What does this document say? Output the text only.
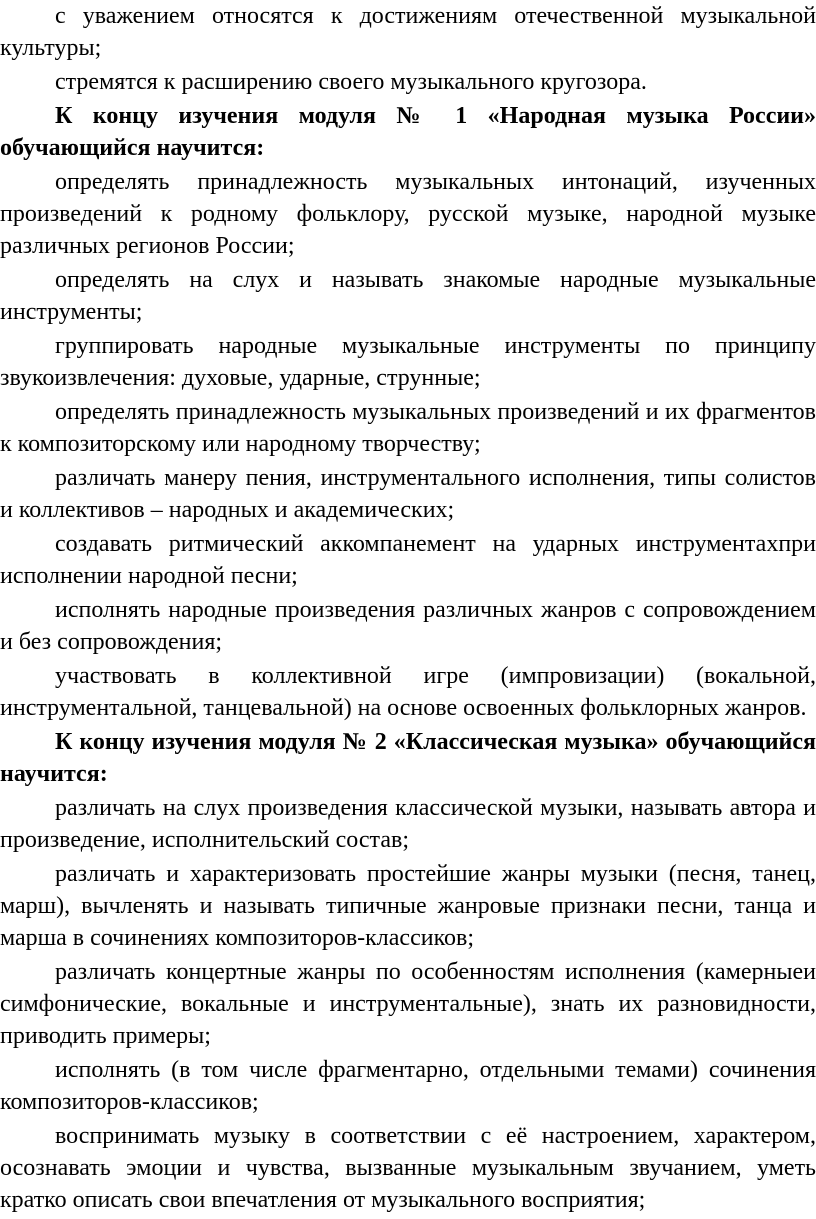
с уважением относятся к достижениям отечественной музыкальной культуры;

стремятся к расширению своего музыкального кругозора.

К концу изучения модуля № 1 «Народная музыка России» обучающийся научится:

определять принадлежность музыкальных интонаций, изученных произведений к родному фольклору, русской музыке, народной музыке различных регионов России;

определять на слух и называть знакомые народные музыкальные инструменты;

группировать народные музыкальные инструменты по принципу звукоизвлечения: духовые, ударные, струнные;

определять принадлежность музыкальных произведений и их фрагментов к композиторскому или народному творчеству;

различать манеру пения, инструментального исполнения, типы солистов и коллективов – народных и академических;

создавать ритмический аккомпанемент на ударных инструментахпри исполнении народной песни;

исполнять народные произведения различных жанров с сопровождением и без сопровождения;

участвовать в коллективной игре (импровизации) (вокальной, инструментальной, танцевальной) на основе освоенных фольклорных жанров.

К концу изучения модуля № 2 «Классическая музыка» обучающийся научится:

различать на слух произведения классической музыки, называть автора и произведение, исполнительский состав;

различать и характеризовать простейшие жанры музыки (песня, танец, марш), вычленять и называть типичные жанровые признаки песни, танца и марша в сочинениях композиторов-классиков;

различать концертные жанры по особенностям исполнения (камерныеи симфонические, вокальные и инструментальные), знать их разновидности, приводить примеры;

исполнять (в том числе фрагментарно, отдельными темами) сочинения композиторов-классиков;

воспринимать музыку в соответствии с её настроением, характером, осознавать эмоции и чувства, вызванные музыкальным звучанием, уметь кратко описать свои впечатления от музыкального восприятия;
